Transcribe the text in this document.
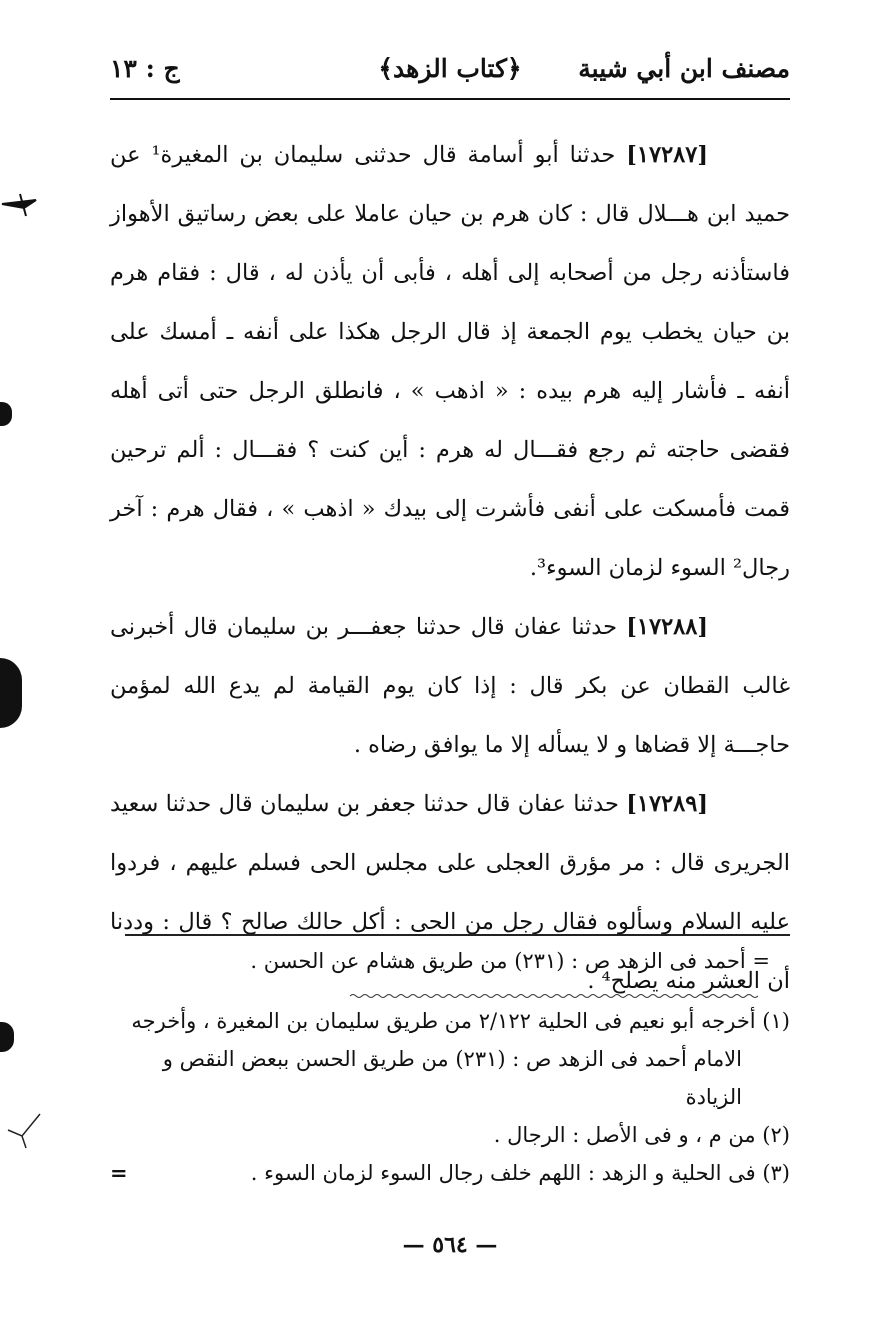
مصنف ابن أبي شيبة
﴿كتاب الزهد﴾
ج : ١٣

[١٧٢٨٧] حدثنا أبو أسامة قال حدثنى سليمان بن المغيرة¹ عن حميد ابن هـــلال قال : كان هرم بن حيان عاملا على بعض رساتيق الأهواز فاستأذنه رجل من أصحابه إلى أهله ، فأبى أن يأذن له ، قال : فقام هرم بن حيان يخطب يوم الجمعة إذ قال الرجل هكذا على أنفه ـ أمسك على أنفه ـ فأشار إليه هرم بيده : « اذهب » ، فانطلق الرجل حتى أتى أهله فقضى حاجته ثم رجع فقـــال له هرم : أين كنت ؟ فقـــال : ألم ترحين قمت فأمسكت على أنفى فأشرت إلى بيدك « اذهب » ، فقال هرم : آخر رجال² السوء لزمان السوء³.

[١٧٢٨٨] حدثنا عفان قال حدثنا جعفـــر بن سليمان قال أخبرنى غالب القطان عن بكر قال : إذا كان يوم القيامة لم يدع الله لمؤمن حاجـــة إلا قضاها و لا يسأله إلا ما يوافق رضاه .

[١٧٢٨٩] حدثنا عفان قال حدثنا جعفر بن سليمان قال حدثنا سعيد الجريرى قال : مر مؤرق العجلى على مجلس الحى فسلم عليهم ، فردوا عليه السلام وسألوه فقال رجل من الحى : أكل حالك صالح ؟ قال : وددنا أن العشر منه يصلح⁴ .

= أحمد فى الزهد ص : (٢٣١) من طريق هشام عن الحسن .

(١) أخرجه أبو نعيم فى الحلية ٢/١٢٢ من طريق سليمان بن المغيرة ، وأخرجه

الامام أحمد فى الزهد ص : (٢٣١) من طريق الحسن ببعض النقص و الزيادة

(٢) من م ، و فى الأصل : الرجال .

=	(٣) فى الحلية و الزهد : اللهم خلف رجال السوء لزمان السوء .

— ٥٦٤ —
